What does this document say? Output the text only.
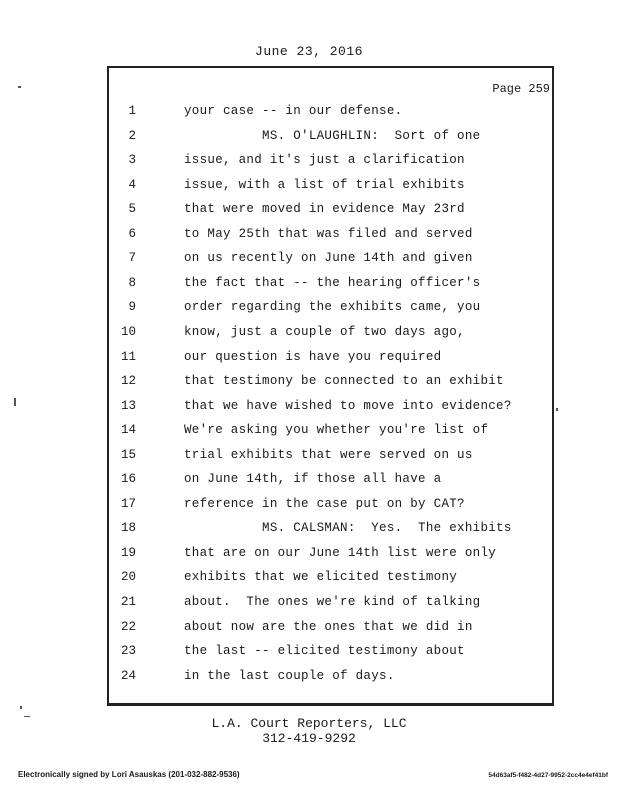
June 23, 2016
Page 259
1	your case -- in our defense.
2	MS. O'LAUGHLIN:  Sort of one
3	issue, and it's just a clarification
4	issue, with a list of trial exhibits
5	that were moved in evidence May 23rd
6	to May 25th that was filed and served
7	on us recently on June 14th and given
8	the fact that -- the hearing officer's
9	order regarding the exhibits came, you
10	know, just a couple of two days ago,
11	our question is have you required
12	that testimony be connected to an exhibit
13	that we have wished to move into evidence?
14	We're asking you whether you're list of
15	trial exhibits that were served on us
16	on June 14th, if those all have a
17	reference in the case put on by CAT?
18	MS. CALSMAN:  Yes.  The exhibits
19	that are on our June 14th list were only
20	exhibits that we elicited testimony
21	about.  The ones we're kind of talking
22	about now are the ones that we did in
23	the last -- elicited testimony about
24	in the last couple of days.
L.A. Court Reporters, LLC
312-419-9292
Electronically signed by Lori Asauskas (201-032-882-9536)	54d63af5-f482-4d27-9952-2cc4e4ef41bf
